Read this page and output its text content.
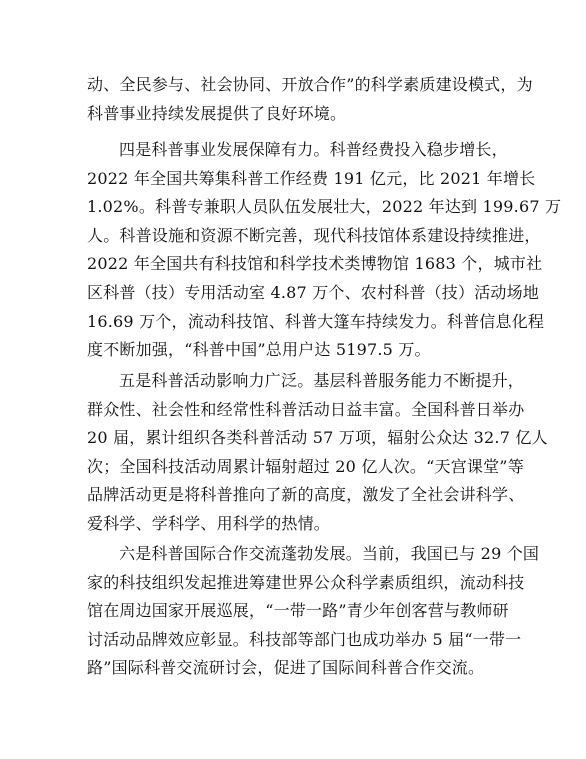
动、全民参与、社会协同、开放合作”的科学素质建设模式，为
科普事业持续发展提供了良好环境。
四是科普事业发展保障有力。科普经费投入稳步增长，
2022 年全国共筹集科普工作经费 191 亿元，比 2021 年增长
1.02%。科普专兼职人员队伍发展壮大，2022 年达到 199.67 万
人。科普设施和资源不断完善，现代科技馆体系建设持续推进，
2022 年全国共有科技馆和科学技术类博物馆 1683 个，城市社
区科普（技）专用活动室 4.87 万个、农村科普（技）活动场地
16.69 万个，流动科技馆、科普大篷车持续发力。科普信息化程
度不断加强，“科普中国”总用户达 5197.5 万。
五是科普活动影响力广泛。基层科普服务能力不断提升，
群众性、社会性和经常性科普活动日益丰富。全国科普日举办
20 届，累计组织各类科普活动 57 万项，辐射公众达 32.7 亿人
次；全国科技活动周累计辐射超过 20 亿人次。“天宫课堂”等
品牌活动更是将科普推向了新的高度，激发了全社会讲科学、
爱科学、学科学、用科学的热情。
六是科普国际合作交流蓬勃发展。当前，我国已与 29 个国
家的科技组织发起推进筹建世界公众科学素质组织，流动科技
馆在周边国家开展巡展，“一带一路”青少年创客营与教师研
讨活动品牌效应彰显。科技部等部门也成功举办 5 届“一带一
路”国际科普交流研讨会，促进了国际间科普合作交流。
